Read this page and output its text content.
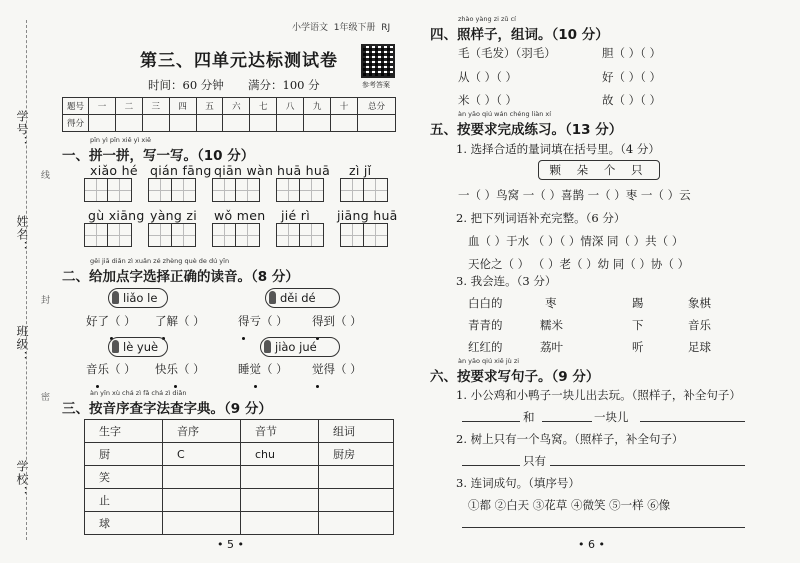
学号：
姓名：
班级：
学校：
线
封
密
小学语文 1年级下册 RJ
第三、四单元达标测试卷
时间：60 分钟 满分：100 分	参考答案
题号	一	二	三	四	五	六	七	八	九	十	总分
得分											
pīn yì pīn xiě yì xiě
一、拼一拼，写一写。（10 分）
xiǎo hé qián fāng qiān wàn huā huā zì jǐ
gù xiāng yàng zi wǒ men jié rì jiāng huā
gěi jiā diǎn zì xuǎn zé zhèng què de dú yīn
二、给加点字选择正确的读音。（8 分）
liǎo le	děi dé
好了（ ） 了解（ ）	得亏（ ） 得到（ ）
lè yuè	jiào jué
音乐（ ） 快乐（ ）	睡觉（ ） 觉得（ ）
àn yīn xù chá zì fǎ chá zì diǎn
三、按音序查字法查字典。（9 分）
生字	音序	音节	组词
厨	C	chu	厨房
笑			
止			
球			
• 5 •
zhào yàng zi zǔ cí
四、照样子，组词。（10 分）
毛（毛发）（羽毛）	胆（ ）（ ）
从（ ）（ ）	好（ ）（ ）
米（ ）（ ）	故（ ）（ ）
àn yāo qiú wán chéng liàn xí
五、按要求完成练习。（13 分）
1. 选择合适的量词填在括号里。（4 分）
颗 朵 个 只
一（ ）鸟窝 一（ ）喜鹊 一（ ）枣 一（ ）云
2. 把下列词语补充完整。（6 分）
血（ ）于水 （ ）（ ）情深 同（ ）共（ ）
天伦之（ ） （ ）老（ ）幼 同（ ）协（ ）
3. 我会连。（3 分）
白白的	枣	踢	象棋
青青的	糯米	下	音乐
红红的	荔叶	听	足球
àn yāo qiú xiě jù zi
六、按要求写句子。（9 分）
1. 小公鸡和小鸭子一块儿出去玩。（照样子，补全句子）
和	一块儿
2. 树上只有一个鸟窝。（照样子，补全句子）
只有
3. 连词成句。（填序号）
①都 ②白天 ③花草 ④微笑 ⑤一样 ⑥像
• 6 •
